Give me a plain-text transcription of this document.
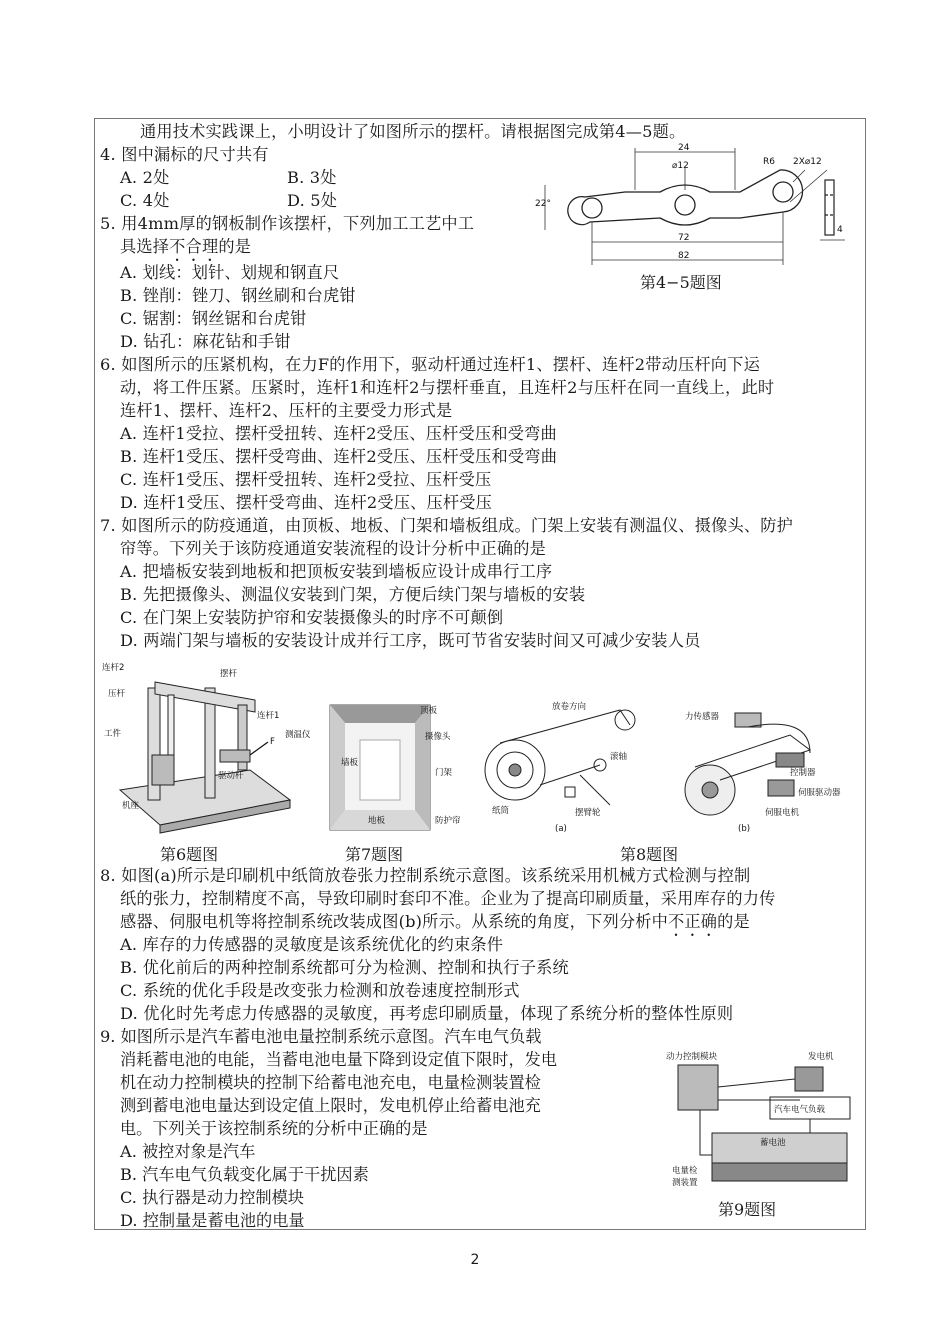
通用技术实践课上，小明设计了如图所示的摆杆。请根据图完成第4—5题。
4. 图中漏标的尺寸共有
A. 2处	B. 3处
C. 4处	D. 5处
5. 用4mm厚的钢板制作该摆杆，下列加工工艺中工
具选择不合理的是
A. 划线：划针、划规和钢直尺
B. 锉削：锉刀、钢丝刷和台虎钳
C. 锯割：钢丝锯和台虎钳
D. 钻孔：麻花钻和手钳
24
⌀12	R6 2X⌀12
22°
72
82
4
第4−5题图
6. 如图所示的压紧机构，在力F的作用下，驱动杆通过连杆1、摆杆、连杆2带动压杆向下运
动，将工件压紧。压紧时，连杆1和连杆2与摆杆垂直，且连杆2与压杆在同一直线上，此时
连杆1、摆杆、连杆2、压杆的主要受力形式是
A. 连杆1受拉、摆杆受扭转、连杆2受压、压杆受压和受弯曲
B. 连杆1受压、摆杆受弯曲、连杆2受压、压杆受压和受弯曲
C. 连杆1受压、摆杆受扭转、连杆2受拉、压杆受压
D. 连杆1受压、摆杆受弯曲、连杆2受压、压杆受压
7. 如图所示的防疫通道，由顶板、地板、门架和墙板组成。门架上安装有测温仪、摄像头、防护
帘等。下列关于该防疫通道安装流程的设计分析中正确的是
A. 把墙板安装到地板和把顶板安装到墙板应设计成串行工序
B. 先把摄像头、测温仪安装到门架，方便后续门架与墙板的安装
C. 在门架上安装防护帘和安装摄像头的时序不可颠倒
D. 两端门架与墙板的安装设计成并行工序，既可节省安装时间又可减少安装人员
连杆2
压杆
摆杆
连杆1
工件
F
驱动杆
机座
第6题图
顶板
测温仪	摄像头
墙板
门架
地板	防护帘
第7题图
放卷方向
滚轴
纸筒	摆臂轮
(a)
力传感器
控制器
伺服驱动器
伺服电机
(b)
第8题图
8. 如图(a)所示是印刷机中纸筒放卷张力控制系统示意图。该系统采用机械方式检测与控制
纸的张力，控制精度不高，导致印刷时套印不准。企业为了提高印刷质量，采用库存的力传
感器、伺服电机等将控制系统改装成图(b)所示。从系统的角度，下列分析中不正确的是
A. 库存的力传感器的灵敏度是该系统优化的约束条件
B. 优化前后的两种控制系统都可分为检测、控制和执行子系统
C. 系统的优化手段是改变张力检测和放卷速度控制形式
D. 优化时先考虑力传感器的灵敏度，再考虑印刷质量，体现了系统分析的整体性原则
9. 如图所示是汽车蓄电池电量控制系统示意图。汽车电气负载
消耗蓄电池的电能，当蓄电池电量下降到设定值下限时，发电
机在动力控制模块的控制下给蓄电池充电，电量检测装置检
测到蓄电池电量达到设定值上限时，发电机停止给蓄电池充
电。下列关于该控制系统的分析中正确的是
A. 被控对象是汽车
B. 汽车电气负载变化属于干扰因素
C. 执行器是动力控制模块
D. 控制量是蓄电池的电量
动力控制模块	发电机
汽车电气负载
蓄电池
电量检
测装置
第9题图
2
